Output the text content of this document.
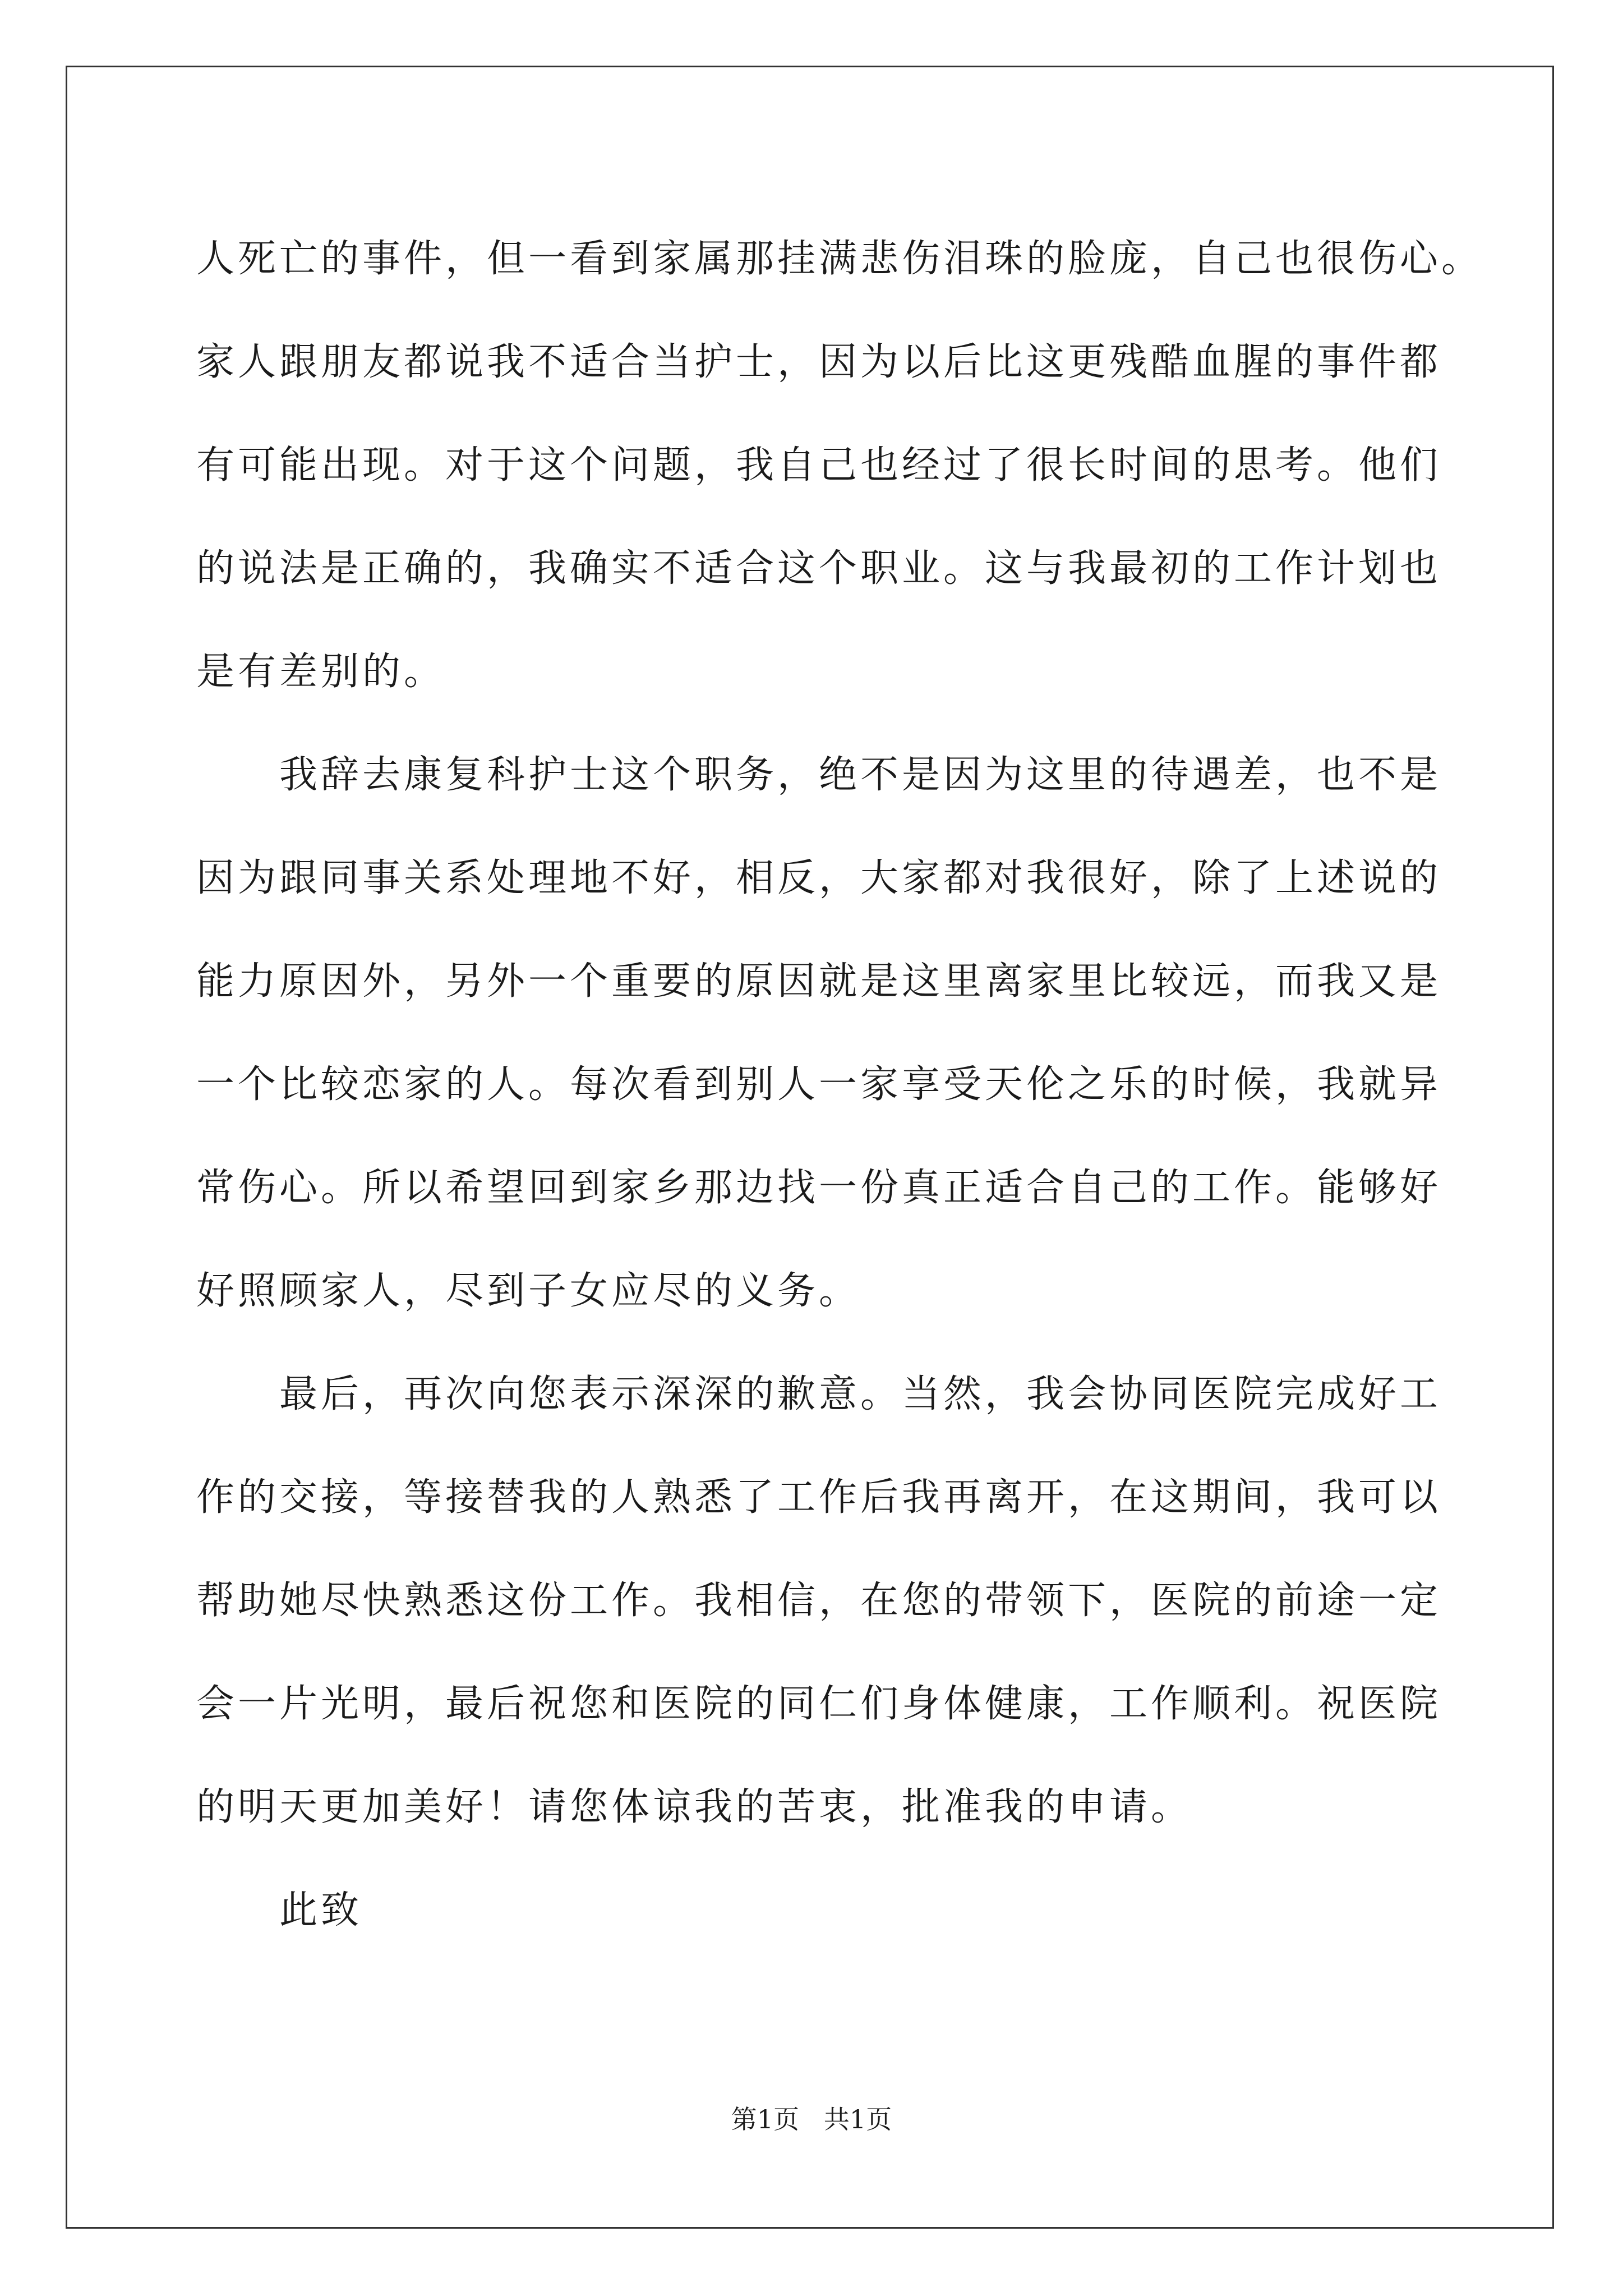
人死亡的事件，但一看到家属那挂满悲伤泪珠的脸庞，自己也很伤心。

家人跟朋友都说我不适合当护士，因为以后比这更残酷血腥的事件都

有可能出现。对于这个问题，我自己也经过了很长时间的思考。他们

的说法是正确的，我确实不适合这个职业。这与我最初的工作计划也

是有差别的。

我辞去康复科护士这个职务，绝不是因为这里的待遇差，也不是

因为跟同事关系处理地不好，相反，大家都对我很好，除了上述说的

能力原因外，另外一个重要的原因就是这里离家里比较远，而我又是

一个比较恋家的人。每次看到别人一家享受天伦之乐的时候，我就异

常伤心。所以希望回到家乡那边找一份真正适合自己的工作。能够好

好照顾家人，尽到子女应尽的义务。

最后，再次向您表示深深的歉意。当然，我会协同医院完成好工

作的交接，等接替我的人熟悉了工作后我再离开，在这期间，我可以

帮助她尽快熟悉这份工作。我相信，在您的带领下，医院的前途一定

会一片光明，最后祝您和医院的同仁们身体健康，工作顺利。祝医院

的明天更加美好！请您体谅我的苦衷，批准我的申请。

此致

第1页   共1页
